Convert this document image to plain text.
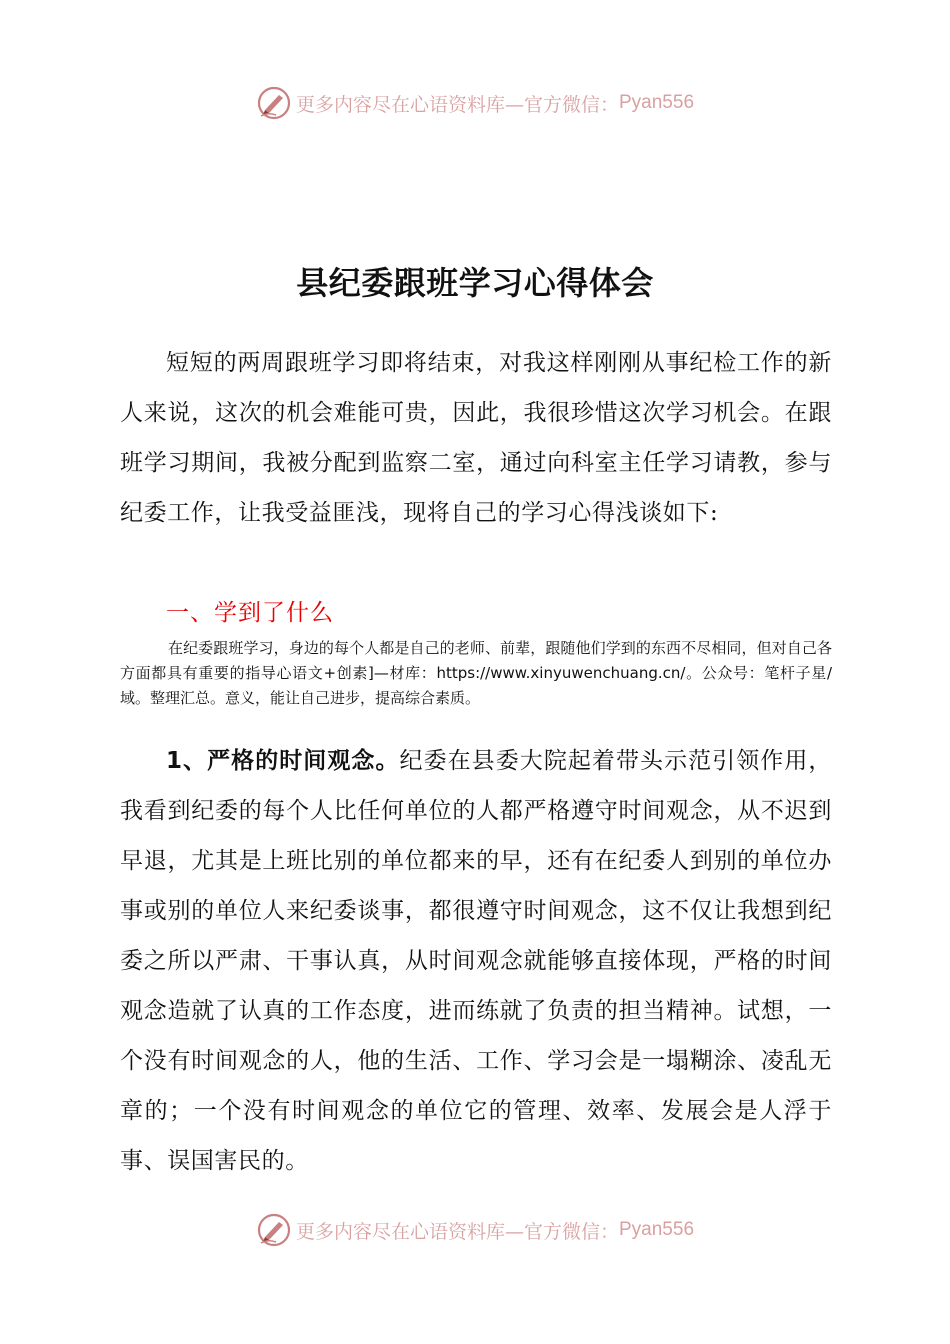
更多内容尽在心语资料库—官方微信： Pyan556
县纪委跟班学习心得体会
短短的两周跟班学习即将结束，对我这样刚刚从事纪检工作的新人来说，这次的机会难能可贵，因此，我很珍惜这次学习机会。在跟班学习期间，我被分配到监察二室，通过向科室主任学习请教，参与纪委工作，让我受益匪浅，现将自己的学习心得浅谈如下:
一、学到了什么
在纪委跟班学习，身边的每个人都是自己的老师、前辈，跟随他们学到的东西不尽相同，但对自己各方面都具有重要的指导心语文+创素]—材库：https://www.xinyuwenchuang.cn/。公众号：笔杆子星/域。整理汇总。意义，能让自己进步，提高综合素质。
1、严格的时间观念。纪委在县委大院起着带头示范引领作用，我看到纪委的每个人比任何单位的人都严格遵守时间观念，从不迟到早退，尤其是上班比别的单位都来的早，还有在纪委人到别的单位办事或别的单位人来纪委谈事，都很遵守时间观念，这不仅让我想到纪委之所以严肃、干事认真，从时间观念就能够直接体现，严格的时间观念造就了认真的工作态度，进而练就了负责的担当精神。试想，一个没有时间观念的人，他的生活、工作、学习会是一塌糊涂、凌乱无章的；一个没有时间观念的单位它的管理、效率、发展会是人浮于事、误国害民的。
更多内容尽在心语资料库—官方微信： Pyan556
